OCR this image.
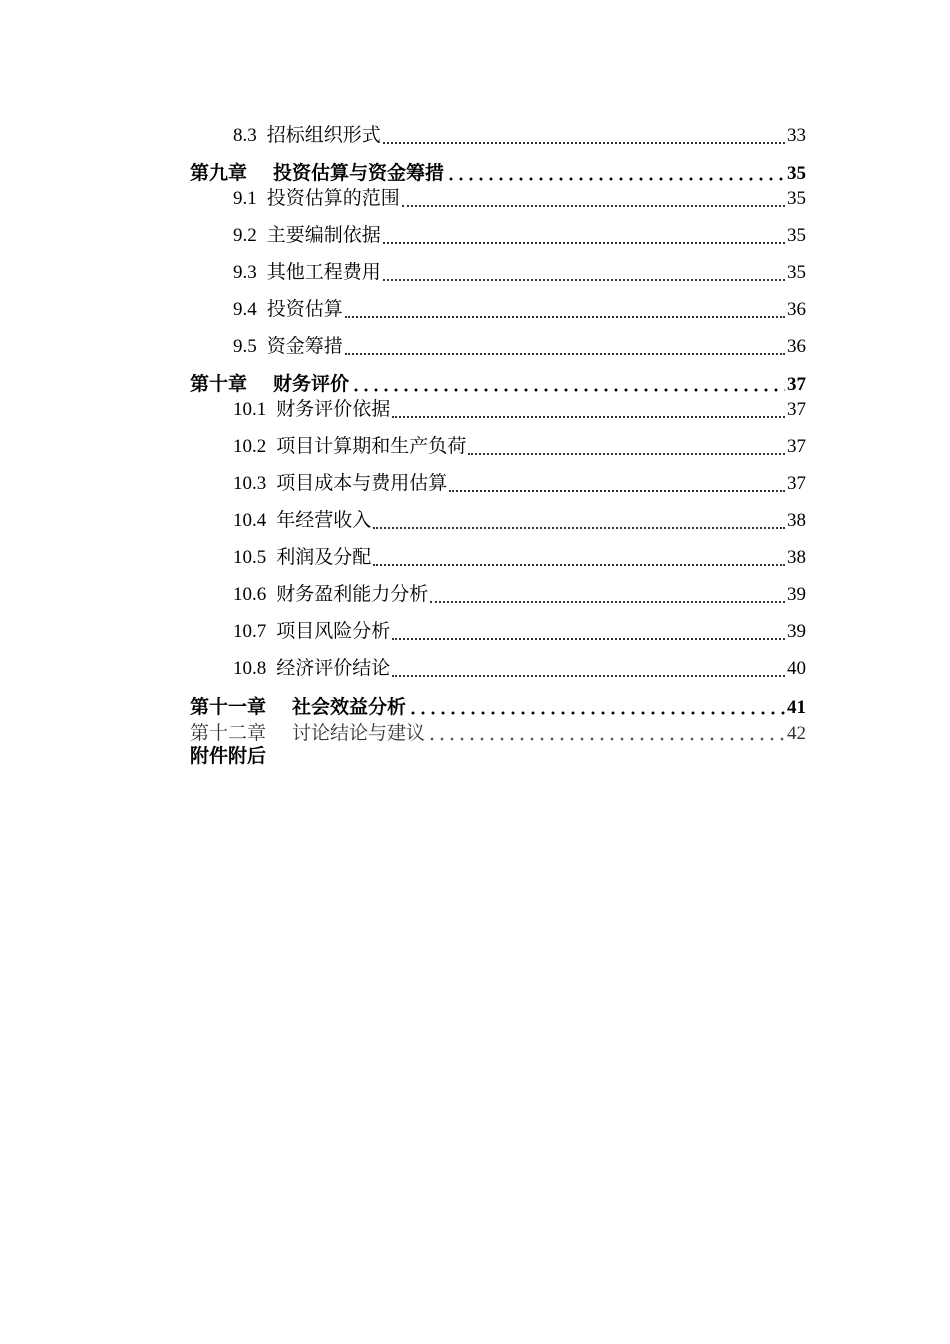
8.3 招标组织形式	33
第九章 投资估算与资金筹措	35
9.1 投资估算的范围	35
9.2 主要编制依据	35
9.3 其他工程费用	35
9.4 投资估算	36
9.5 资金筹措	36
第十章 财务评价	37
10.1 财务评价依据	37
10.2 项目计算期和生产负荷	37
10.3 项目成本与费用估算	37
10.4 年经营收入	38
10.5 利润及分配	38
10.6 财务盈利能力分析	39
10.7 项目风险分析	39
10.8 经济评价结论	40
第十一章 社会效益分析	41
第十二章 讨论结论与建议	42
附件附后
